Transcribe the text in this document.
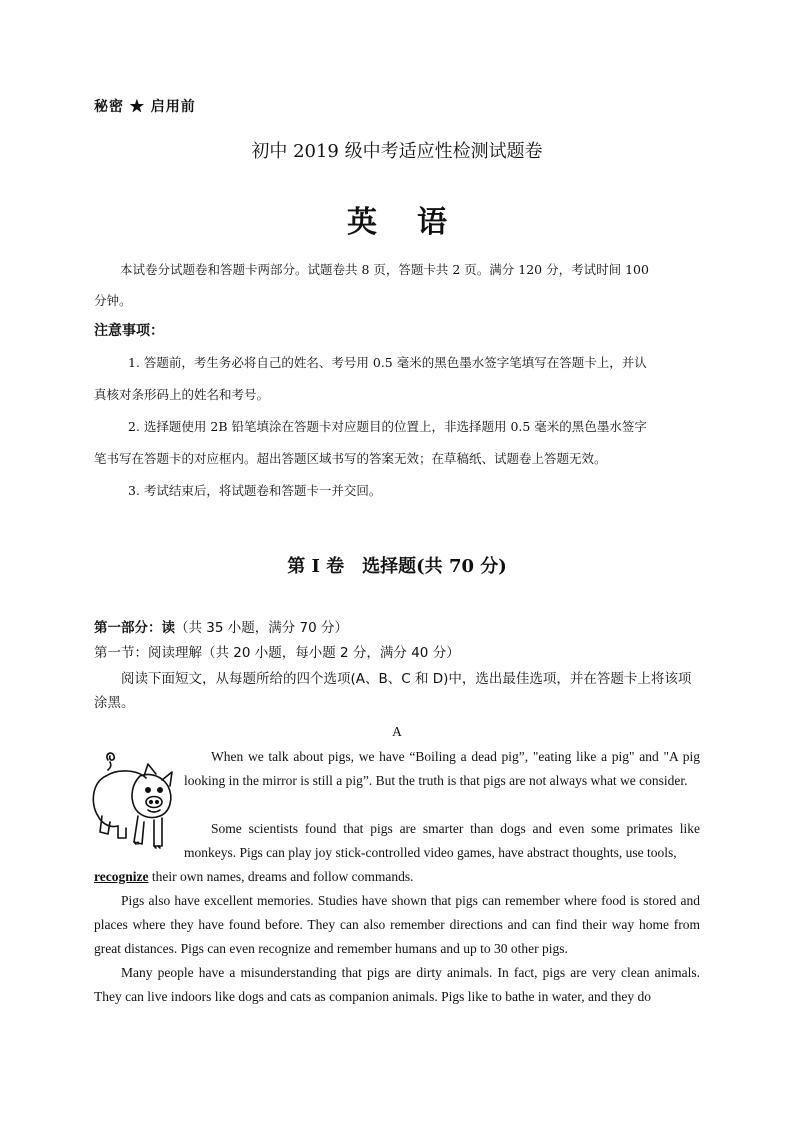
秘密 ★ 启用前
初中 2019 级中考适应性检测试题卷
英语
本试卷分试题卷和答题卡两部分。试题卷共 8 页，答题卡共 2 页。满分 120 分，考试时间 100
分钟。
注意事项：
1. 答题前，考生务必将自己的姓名、考号用 0.5 毫米的黑色墨水签字笔填写在答题卡上，并认
真核对条形码上的姓名和考号。
2. 选择题使用 2B 铅笔填涂在答题卡对应题目的位置上，非选择题用 0.5 毫米的黑色墨水签字
笔书写在答题卡的对应框内。超出答题区域书写的答案无效；在草稿纸、试题卷上答题无效。
3. 考试结束后，将试题卷和答题卡一并交回。
第 I 卷　选择题(共 70 分)
第一部分：读（共 35 小题，满分 70 分）
第一节：阅读理解（共 20 小题，每小题 2 分，满分 40 分）
阅读下面短文，从每题所给的四个选项(A、B、C 和 D)中，选出最佳选项，并在答题卡上将该项涂黑。
A

When we talk about pigs, we have “Boiling a dead pig”, "eating like a pig" and "A pig looking in the mirror is still a pig”. But the truth is that pigs are not always what we consider.

Some scientists found that pigs are smarter than dogs and even some primates like monkeys. Pigs can play joy stick-controlled video games, have abstract thoughts, use tools,

recognize their own names, dreams and follow commands.

Pigs also have excellent memories. Studies have shown that pigs can remember where food is stored and places where they have found before. They can also remember directions and can find their way home from great distances. Pigs can even recognize and remember humans and up to 30 other pigs.

Many people have a misunderstanding that pigs are dirty animals. In fact, pigs are very clean animals. They can live indoors like dogs and cats as companion animals. Pigs like to bathe in water, and they do
